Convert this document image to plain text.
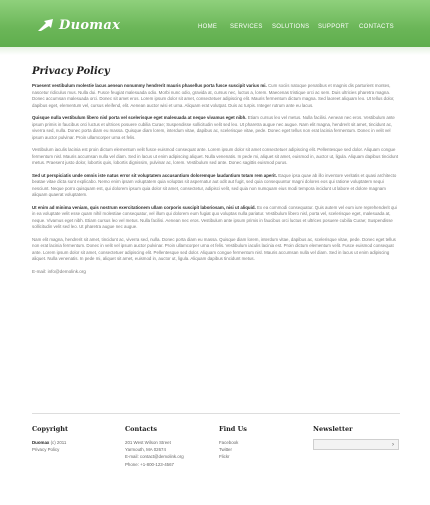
Duomax	HOME	SERVICES	SOLUTIONS	SUPPORT	CONTACTS
Privacy Policy

Praesent vestibulum molestie lacus aenean nonummy hendrerit mauris phasellus porta fusce suscipit varius mi. Cum sociis natoque penatibus et magnis dis parturient montes, nascetur ridiculus mus. Nulla dui. Fusce feugiat malesuada odio. Morbi nunc odio, gravida at, cursus nec, luctus a, lorem. Maecenas tristique orci ac sem. Duis ultricies pharetra magna. Donec accumsan malesuada orci. Donec sit amet eros. Lorem ipsum dolor sit amet, consectetuer adipiscing elit. Mauris fermentum dictum magna. Sed laoreet aliquam leo. Ut tellus dolor, dapibus eget, elementum vel, cursus eleifend, elit. Aenean auctor wisi et urna. Aliquam erat volutpat. Duis ac turpis. Integer rutrum ante eu lacus.

Quisque nulla vestibulum libero nisl porta vel scelerisque eget malesuada at neque vivamus eget nibh. Etiam cursus leo vel metus. Nulla facilisi. Aenean nec eros. Vestibulum ante ipsum primis in faucibus orci luctus et ultrices posuere cubilia Curae; Suspendisse sollicitudin velit sed leo. Ut pharetra augue nec augue. Nam elit magna, hendrerit sit amet, tincidunt ac, viverra sed, nulla. Donec porta diam eu massa. Quisque diam lorem, interdum vitae, dapibus ac, scelerisque vitae, pede. Donec eget tellus non erat lacinia fermentum. Donec in velit vel ipsum auctor pulvinar. Proin ullamcorper urna et felis.

Vestibulum iaculis lacinia est proin dictum elementum velit fusce euismod consequat ante. Lorem ipsum dolor sit amet consectetuer adipiscing elit. Pellentesque sed dolor. Aliquam congue fermentum nisl. Mauris accumsan nulla vel diam. Sed in lacus ut enim adipiscing aliquet. Nulla venenatis. In pede mi, aliquet sit amet, euismod in, auctor ut, ligula. Aliquam dapibus tincidunt metus. Praesent justo dolor, lobortis quis, lobortis dignissim, pulvinar ac, lorem. Vestibulum sed ante. Donec sagittis euismod purus.

Sed ut perspiciatis unde omnis iste natus error sit voluptatem accusantium doloremque laudantium totam rem aperit. Eaque ipsa quae ab illo inventore veritatis et quasi architecto beatae vitae dicta sunt explicabo. Nemo enim ipsam voluptatem quia voluptas sit aspernatur aut odit aut fugit, sed quia consequuntur magni dolores eos qui ratione voluptatem sequi nesciunt. Neque porro quisquam est, qui dolorem ipsum quia dolor sit amet, consectetur, adipisci velit, sed quia non numquam eius modi tempora incidunt ut labore et dolore magnam aliquam quaerat voluptatem.

Ut enim ad minima veniam, quis nostrum exercitationem ullam corporis suscipit laboriosam, nisi ut aliquid. Ex ea commodi consequatur. Quis autem vel eum iure reprehenderit qui in ea voluptate velit esse quam nihil molestiae consequatur, vel illum qui dolorem eum fugiat quo voluptas nulla pariatur. Vestibulum libero nisl, porta vel, scelerisque eget, malesuada at, neque. Vivamus eget nibh. Etiam cursus leo vel metus. Nulla facilisi. Aenean nec eros. Vestibulum ante ipsum primis in faucibus orci luctus et ultrices posuere cubilia Curae; Suspendisse sollicitudin velit sed leo. Ut pharetra augue nec augue.

Nam elit magna, hendrerit sit amet, tincidunt ac, viverra sed, nulla. Donec porta diam eu massa. Quisque diam lorem, interdum vitae, dapibus ac, scelerisque vitae, pede. Donec eget tellus non erat lacinia fermentum. Donec in velit vel ipsum auctor pulvinar. Proin ullamcorper urna et felis. Vestibulum iaculis lacinia est. Proin dictum elementum velit. Fusce euismod consequat ante. Lorem ipsum dolor sit amet, consectetuer adipiscing elit. Pellentesque sed dolor. Aliquam congue fermentum nisl. Mauris accumsan nulla vel diam. Sed in lacus ut enim adipiscing aliquet. Nulla venenatis. In pede mi, aliquet sit amet, euismod in, auctor ut, ligula. Aliquam dapibus tincidunt metus.

E-mail: info@demolink.org
Copyright
Duomax (c) 2011
Privacy Policy
Contacts
201 West Wilson Street
Yarmouth, MA 02674
E-mail: contact@demolink.org
Phone: +1-800-123-4567
Find Us
Facebook
Twitter
Flickr
Newsletter
›
